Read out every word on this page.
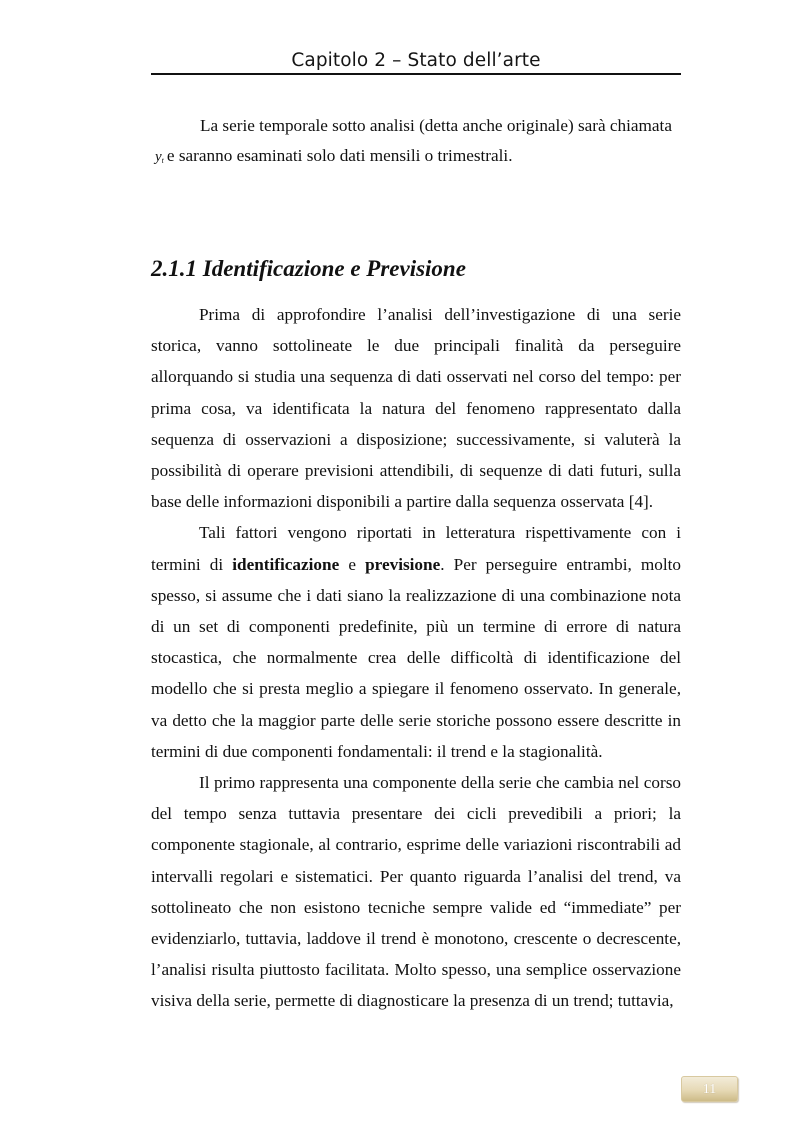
Capitolo 2 – Stato dell’arte
La serie temporale sotto analisi (detta anche originale) sarà chiamata
$y_t$ e saranno esaminati solo dati mensili o trimestrali.
2.1.1 Identificazione e Previsione

Prima di approfondire l’analisi dell’investigazione di una serie storica, vanno sottolineate le due principali finalità da perseguire allorquando si studia una sequenza di dati osservati nel corso del tempo: per prima cosa, va identificata la natura del fenomeno rappresentato dalla sequenza di osservazioni a disposizione; successivamente, si valuterà la possibilità di operare previsioni attendibili, di sequenze di dati futuri, sulla base delle informazioni disponibili a partire dalla sequenza osservata [4].

Tali fattori vengono riportati in letteratura rispettivamente con i termini di identificazione e previsione. Per perseguire entrambi, molto spesso, si assume che i dati siano la realizzazione di una combinazione nota di un set di componenti predefinite, più un termine di errore di natura stocastica, che normalmente crea delle difficoltà di identificazione del modello che si presta meglio a spiegare il fenomeno osservato. In generale, va detto che la maggior parte delle serie storiche possono essere descritte in termini di due componenti fondamentali: il trend e la stagionalità.

Il primo rappresenta una componente della serie che cambia nel corso del tempo senza tuttavia presentare dei cicli prevedibili a priori; la componente stagionale, al contrario, esprime delle variazioni riscontrabili ad intervalli regolari e sistematici. Per quanto riguarda l’analisi del trend, va sottolineato che non esistono tecniche sempre valide ed “immediate” per evidenziarlo, tuttavia, laddove il trend è monotono, crescente o decrescente, l’analisi risulta piuttosto facilitata. Molto spesso, una semplice osservazione visiva della serie, permette di diagnosticare la presenza di un trend; tuttavia,

11
